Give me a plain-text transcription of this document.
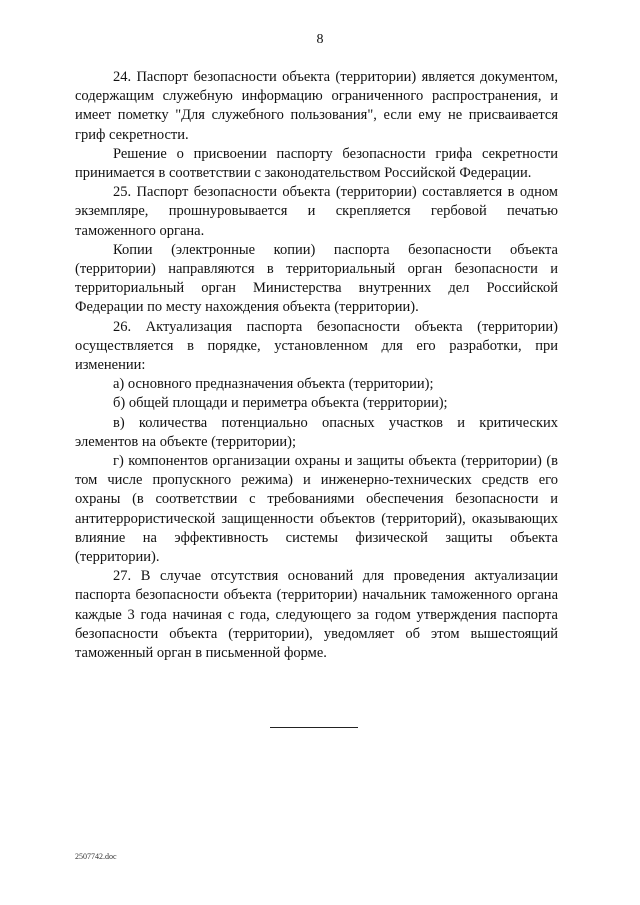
8

24. Паспорт безопасности объекта (территории) является документом, содержащим служебную информацию ограниченного распространения, и имеет пометку "Для служебного пользования", если ему не присваивается гриф секретности.

Решение о присвоении паспорту безопасности грифа секретности принимается в соответствии с законодательством Российской Федерации.

25. Паспорт безопасности объекта (территории) составляется в одном экземпляре, прошнуровывается и скрепляется гербовой печатью таможенного органа.

Копии (электронные копии) паспорта безопасности объекта (территории) направляются в территориальный орган безопасности и территориальный орган Министерства внутренних дел Российской Федерации по месту нахождения объекта (территории).

26. Актуализация паспорта безопасности объекта (территории) осуществляется в порядке, установленном для его разработки, при изменении:

а) основного предназначения объекта (территории);

б) общей площади и периметра объекта (территории);

в) количества потенциально опасных участков и критических элементов на объекте (территории);

г) компонентов организации охраны и защиты объекта (территории) (в том числе пропускного режима) и инженерно-технических средств его охраны (в соответствии с требованиями обеспечения безопасности и антитеррористической защищенности объектов (территорий), оказывающих влияние на эффективность системы физической защиты объекта (территории).

27. В случае отсутствия оснований для проведения актуализации паспорта безопасности объекта (территории) начальник таможенного органа каждые 3 года начиная с года, следующего за годом утверждения паспорта безопасности объекта (территории), уведомляет об этом вышестоящий таможенный орган в письменной форме.

2507742.doc
